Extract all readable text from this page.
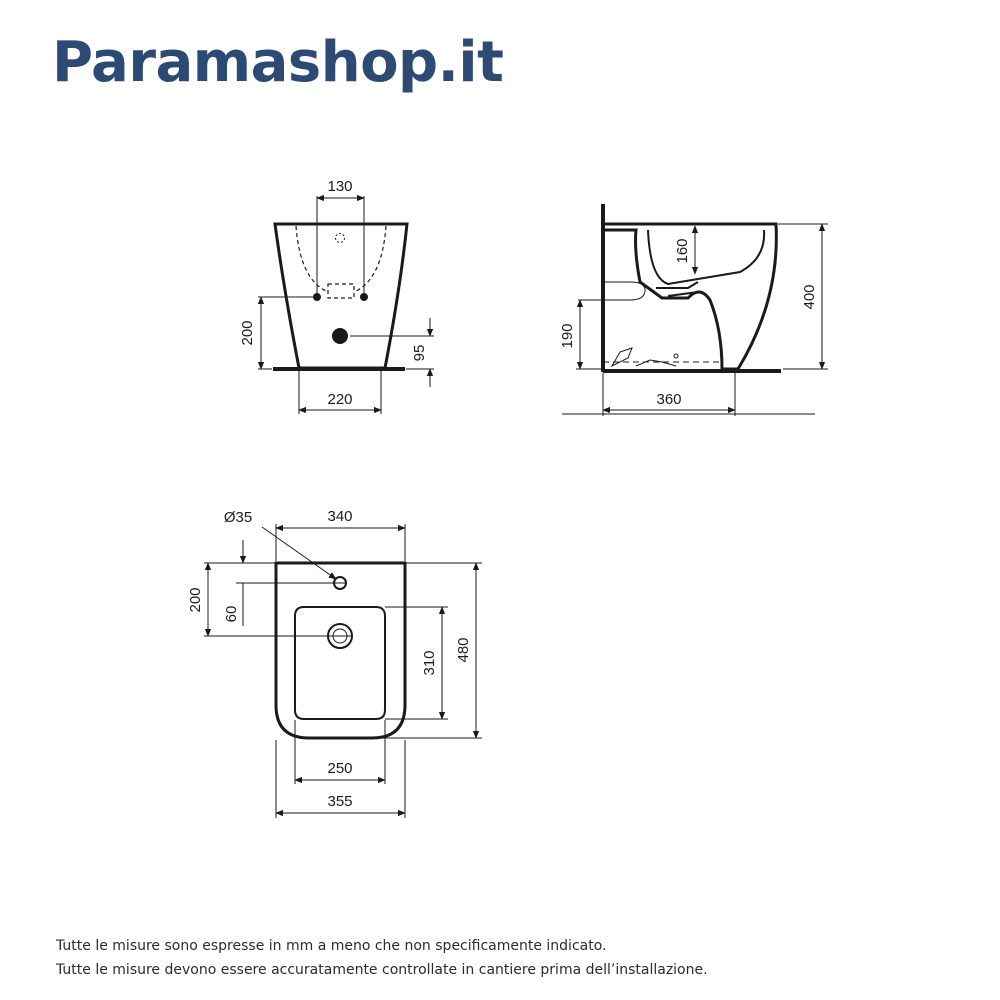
Paramashop.it
130
200
95
220
160
400
190
360
Ø35	340
200
60
310
480
250
355
Tutte le misure sono espresse in mm a meno che non specificamente indicato.
Tutte le misure devono essere accuratamente controllate in cantiere prima dell’installazione.
